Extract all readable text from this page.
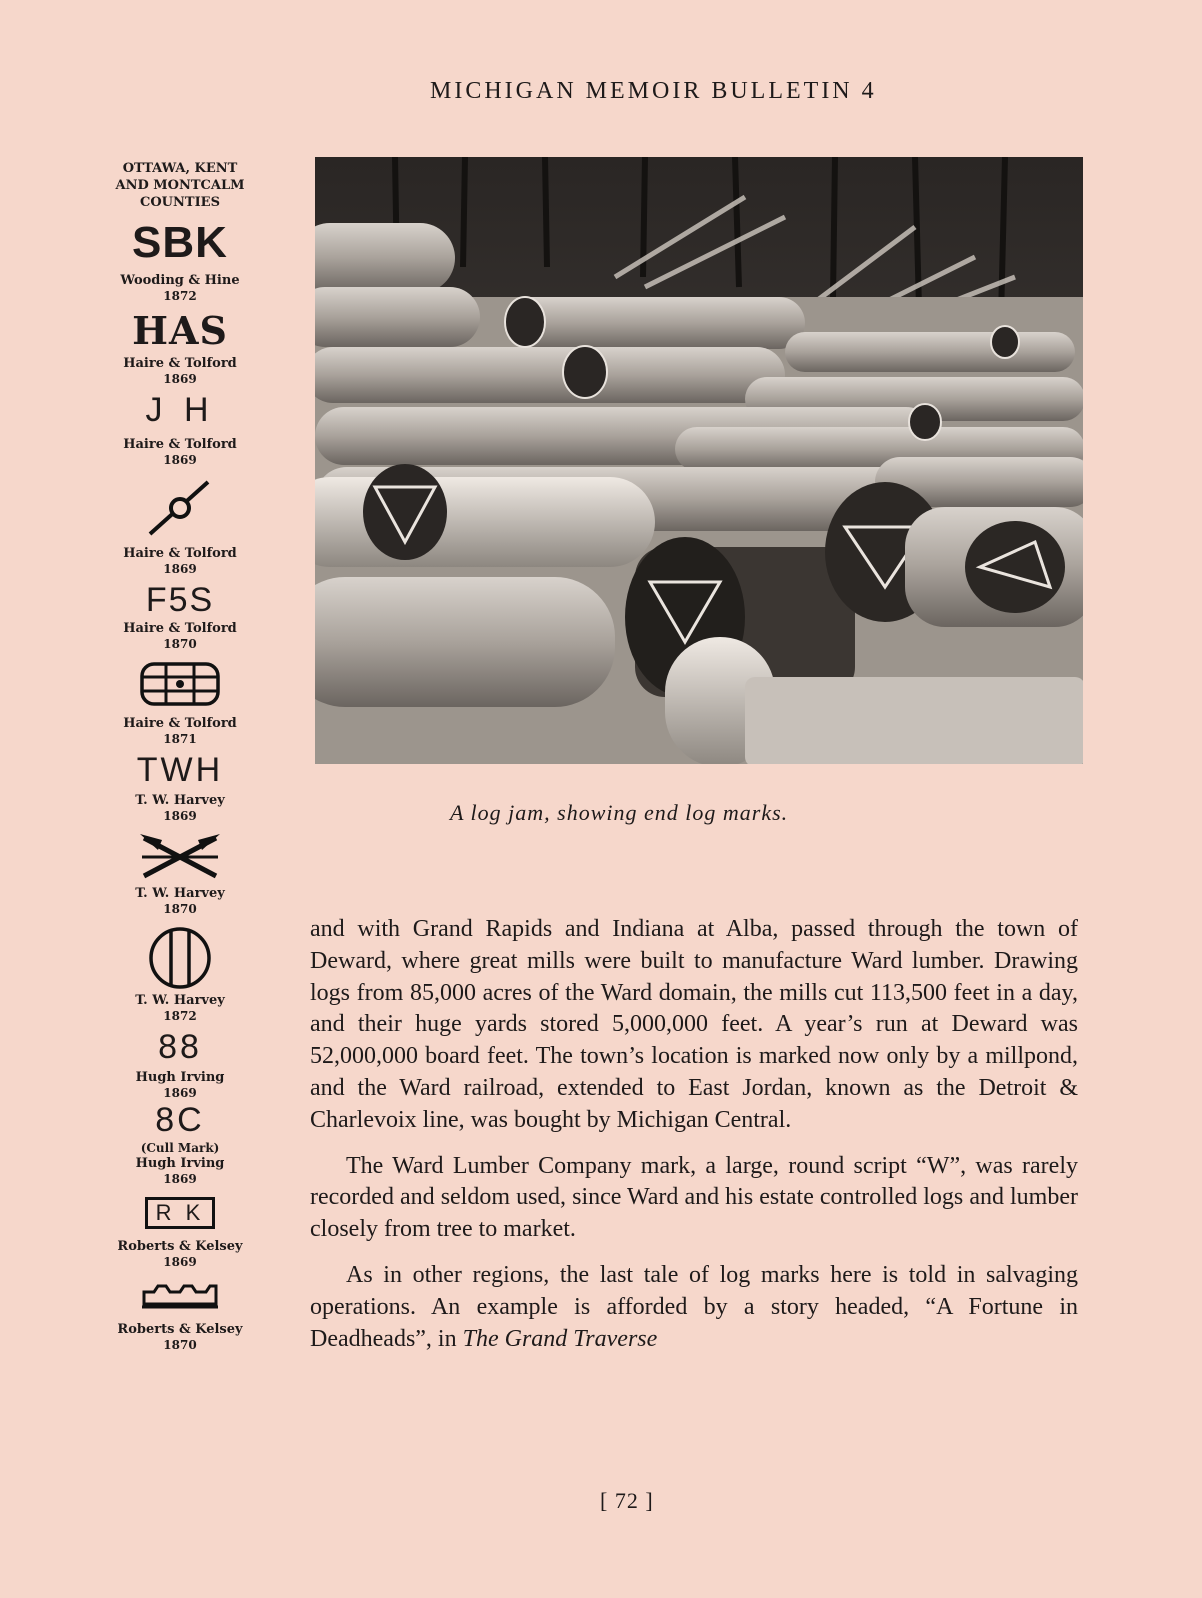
MICHIGAN MEMOIR BULLETIN 4
OTTAWA, KENT
AND MONTCALM
COUNTIES
SBK
Wooding & Hine
1872
HAS
Haire & Tolford
1869
J H
Haire & Tolford
1869
Haire & Tolford
1869
F5S
Haire & Tolford
1870
Haire & Tolford
1871
TWH
T. W. Harvey
1869
T. W. Harvey
1870
T. W. Harvey
1872
88
Hugh Irving
1869
8C
(Cull Mark)
Hugh Irving
1869
R K
Roberts & Kelsey
1869
Roberts & Kelsey
1870
A log jam, showing end log marks.

and with Grand Rapids and Indiana at Alba, passed through the town of Deward, where great mills were built to manufacture Ward lumber. Drawing logs from 85,000 acres of the Ward domain, the mills cut 113,500 feet in a day, and their huge yards stored 5,000,000 feet. A year’s run at Deward was 52,000,000 board feet. The town’s location is marked now only by a millpond, and the Ward railroad, extended to East Jordan, known as the Detroit & Charlevoix line, was bought by Michigan Central.

The Ward Lumber Company mark, a large, round script “W”, was rarely recorded and seldom used, since Ward and his estate controlled logs and lumber closely from tree to market.

As in other regions, the last tale of log marks here is told in salvaging operations. An example is afforded by a story headed, “A Fortune in Deadheads”, in The Grand Traverse

[ 72 ]
